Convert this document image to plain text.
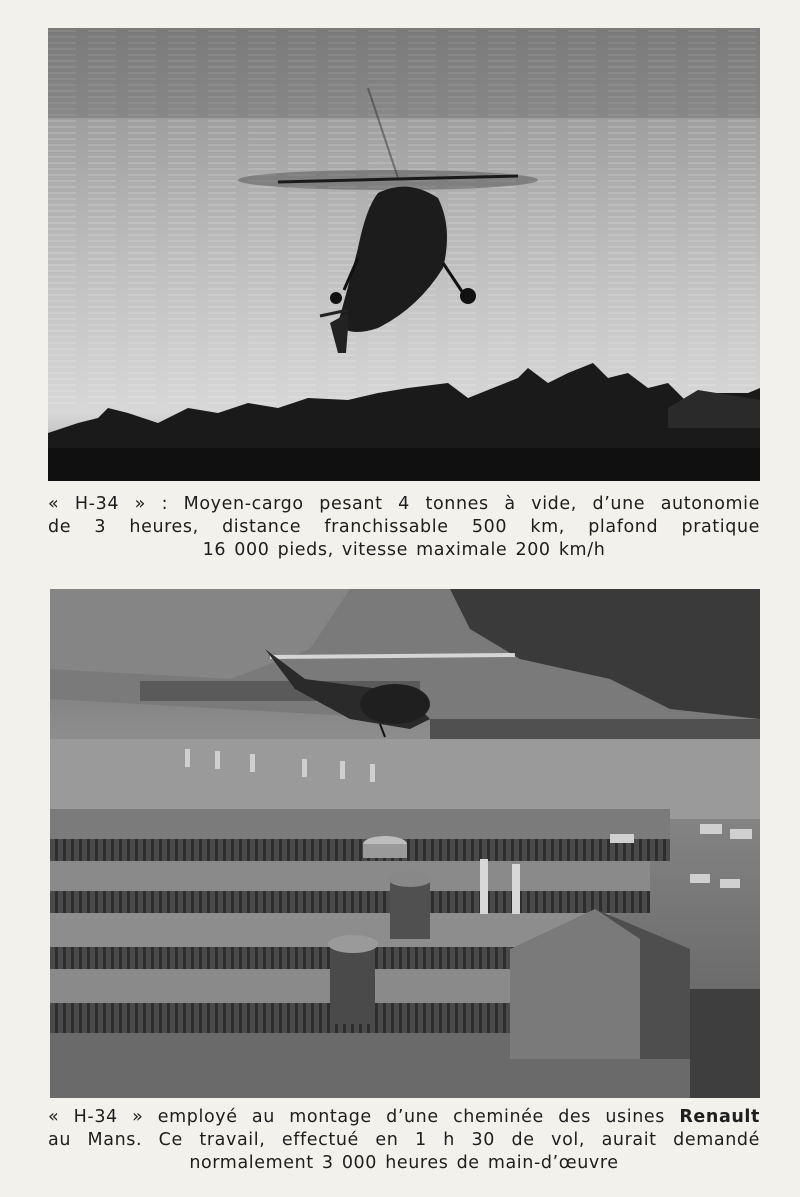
« H-34 » : Moyen-cargo pesant 4 tonnes à vide, d’une autonomie
de 3 heures, distance franchissable 500 km, plafond pratique
16 000 pieds, vitesse maximale 200 km/h
« H-34 » employé au montage d’une cheminée des usines Renault
au Mans. Ce travail, effectué en 1 h 30 de vol, aurait demandé
normalement 3 000 heures de main-d’œuvre
